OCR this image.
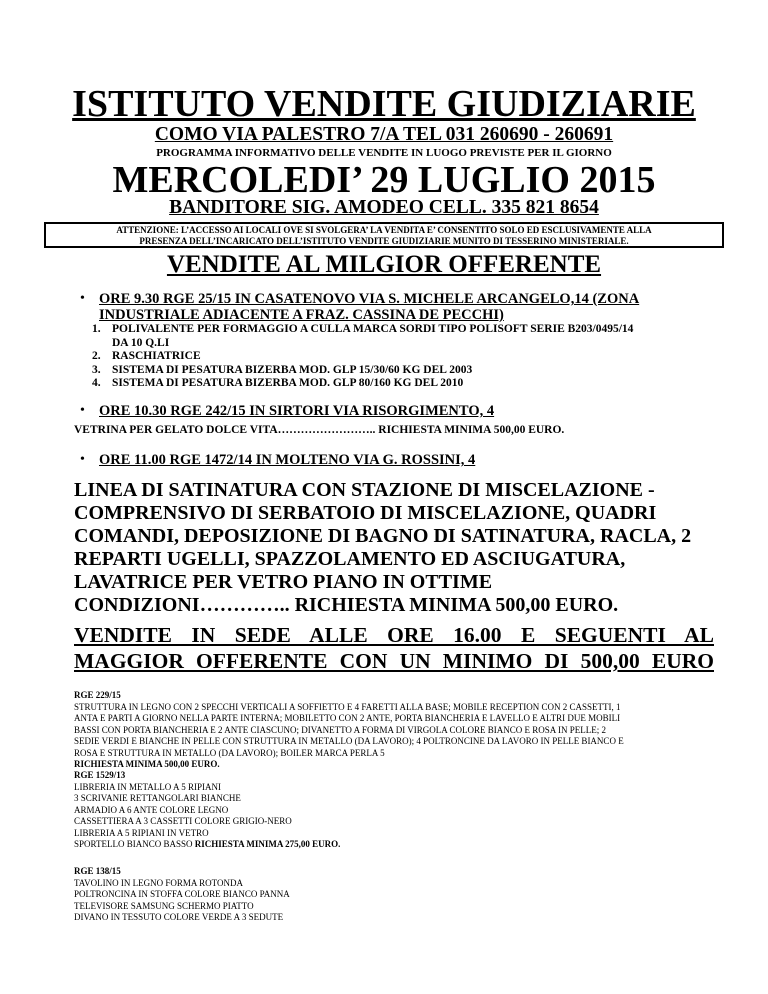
ISTITUTO VENDITE GIUDIZIARIE
COMO VIA PALESTRO 7/A TEL 031 260690 - 260691
PROGRAMMA INFORMATIVO DELLE VENDITE IN LUOGO PREVISTE PER IL GIORNO
MERCOLEDI’ 29 LUGLIO 2015
BANDITORE SIG. AMODEO CELL. 335 821 8654
ATTENZIONE: L’ACCESSO AI LOCALI OVE SI SVOLGERA’ LA VENDITA E’ CONSENTITO SOLO ED ESCLUSIVAMENTE ALLA
PRESENZA DELL’INCARICATO DELL’ISTITUTO VENDITE GIUDIZIARIE MUNITO DI TESSERINO MINISTERIALE.
VENDITE AL MILGIOR OFFERENTE
• ORE 9.30 RGE 25/15 IN CASATENOVO VIA S. MICHELE ARCANGELO,14 (ZONA
INDUSTRIALE ADIACENTE A FRAZ. CASSINA DE PECCHI)
1. POLIVALENTE PER FORMAGGIO A CULLA MARCA SORDI TIPO POLISOFT SERIE B203/0495/14
DA 10 Q.LI
2. RASCHIATRICE
3. SISTEMA DI PESATURA BIZERBA MOD. GLP 15/30/60 KG DEL 2003
4. SISTEMA DI PESATURA BIZERBA MOD. GLP 80/160 KG DEL 2010
• ORE 10.30 RGE 242/15 IN SIRTORI VIA RISORGIMENTO, 4
VETRINA PER GELATO DOLCE VITA…………………….. RICHIESTA MINIMA 500,00 EURO.
• ORE 11.00 RGE 1472/14 IN MOLTENO VIA G. ROSSINI, 4
LINEA DI SATINATURA CON STAZIONE DI MISCELAZIONE -
COMPRENSIVO DI SERBATOIO DI MISCELAZIONE, QUADRI
COMANDI, DEPOSIZIONE DI BAGNO DI SATINATURA, RACLA, 2
REPARTI UGELLI, SPAZZOLAMENTO ED ASCIUGATURA,
LAVATRICE PER VETRO PIANO IN OTTIME
CONDIZIONI………….. RICHIESTA MINIMA 500,00 EURO.
VENDITE IN SEDE ALLE ORE 16.00 E SEGUENTI AL
MAGGIOR OFFERENTE CON UN MINIMO DI 500,00 EURO
RGE 229/15
STRUTTURA IN LEGNO CON 2 SPECCHI VERTICALI A SOFFIETTO E 4 FARETTI ALLA BASE; MOBILE RECEPTION CON 2 CASSETTI, 1
ANTA E PARTI A GIORNO NELLA PARTE INTERNA; MOBILETTO CON 2 ANTE, PORTA BIANCHERIA E LAVELLO E ALTRI DUE MOBILI
BASSI CON PORTA BIANCHERIA E 2 ANTE CIASCUNO; DIVANETTO A FORMA DI VIRGOLA COLORE BIANCO E ROSA IN PELLE; 2
SEDIE VERDI E BIANCHE IN PELLE CON STRUTTURA IN METALLO (DA LAVORO); 4 POLTRONCINE DA LAVORO IN PELLE BIANCO E
ROSA E STRUTTURA IN METALLO (DA LAVORO); BOILER MARCA PERLA 5
RICHIESTA MINIMA 500,00 EURO.
RGE 1529/13
LIBRERIA IN METALLO A 5 RIPIANI
3 SCRIVANIE RETTANGOLARI BIANCHE
ARMADIO A 6 ANTE COLORE LEGNO
CASSETTIERA A 3 CASSETTI COLORE GRIGIO-NERO
LIBRERIA A 5 RIPIANI IN VETRO
SPORTELLO BIANCO BASSO RICHIESTA MINIMA 275,00 EURO.
RGE 138/15
TAVOLINO IN LEGNO FORMA ROTONDA
POLTRONCINA IN STOFFA COLORE BIANCO PANNA
TELEVISORE SAMSUNG SCHERMO PIATTO
DIVANO IN TESSUTO COLORE VERDE A 3 SEDUTE
